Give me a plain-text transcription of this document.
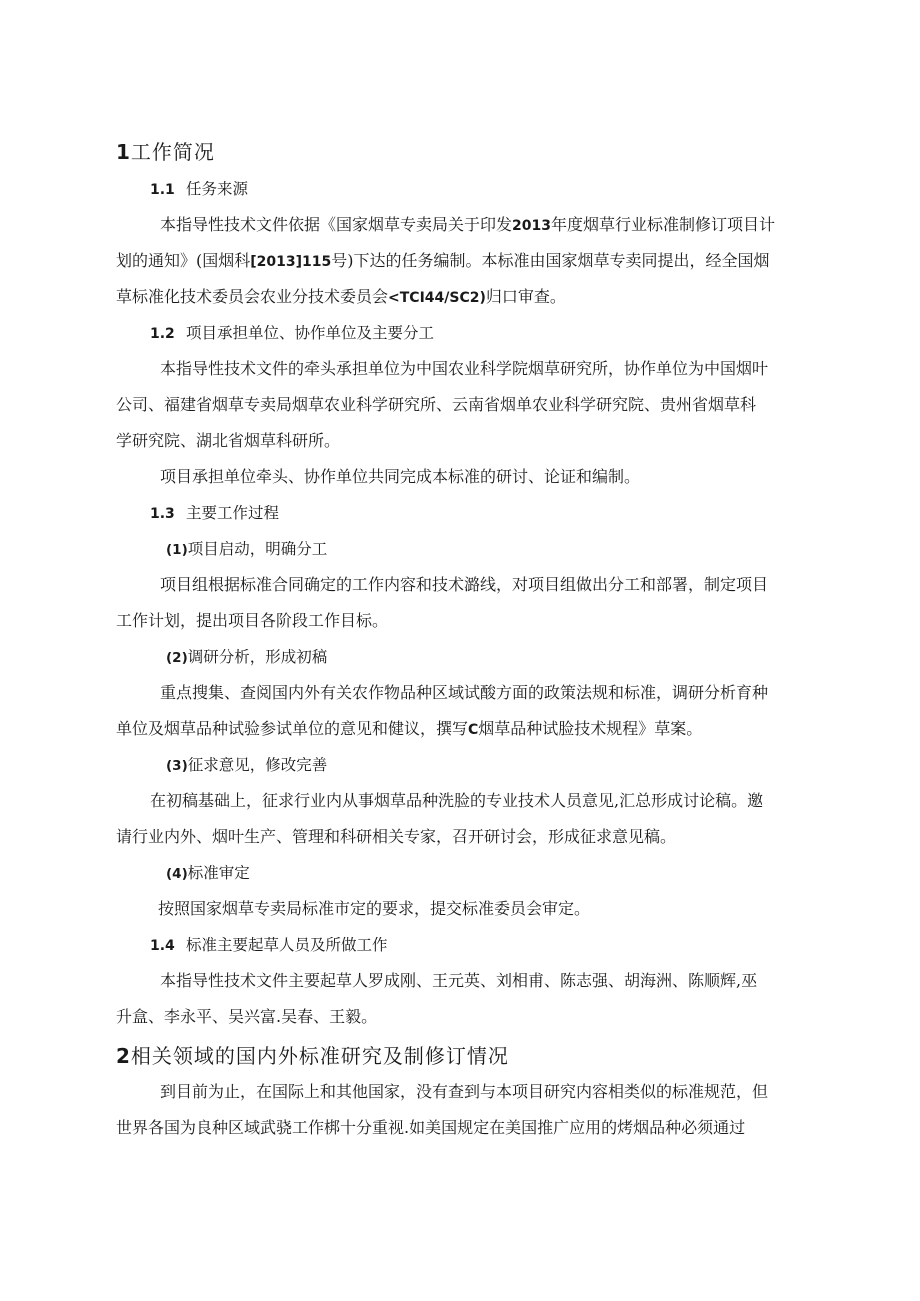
1工作简况
1.1 任务来源
本指导性技术文件依据《国家烟草专卖局关于印发2013年度烟草行业标准制修订项目计
划的通知》(国烟科[2013]115号)下达的任务编制。本标准由国家烟草专卖同提出，经全国烟
草标准化技术委员会农业分技术委员会<TCI44/SC2)归口审查。
1.2 项目承担单位、协作单位及主要分工
本指导性技术文件的牵头承担单位为中国农业科学院烟草研究所，协作单位为中国烟叶
公司、福建省烟草专卖局烟草农业科学研究所、云南省烟单农业科学研究院、贵州省烟草科
学研究院、湖北省烟草科研所。
项目承担单位牵头、协作单位共同完成本标准的研讨、论证和编制。
1.3 主要工作过程
(1)项目启动，明确分工
项目组根据标准合同确定的工作内容和技术潞线，对项目组做出分工和部署，制定项目
工作计划，提出项目各阶段工作目标。
(2)调研分析，形成初稿
重点搜集、查阅国内外有关农作物品种区域试酸方面的政策法规和标准，调研分析育种
单位及烟草品种试验参试单位的意见和健议，撰写C烟草品种试脸技术规程》草案。
(3)征求意见，修改完善
在初稿基础上，征求行业内从事烟草品种洗脸的专业技术人员意见,汇总形成讨论稿。邀
请行业内外、烟叶生产、管理和科研相关专家，召开研讨会，形成征求意见稿。
(4)标准审定
按照国家烟草专卖局标准市定的要求，提交标准委员会审定。
1.4 标准主要起草人员及所做工作
本指导性技术文件主要起草人罗成刚、王元英、刘相甫、陈志强、胡海洲、陈顺辉,巫
升盒、李永平、吴兴富.吴春、王毅。
2相关领域的国内外标准研究及制修订情况
到目前为止，在国际上和其他国家，没有查到与本项目研究内容相类似的标准规范，但
世界各国为良种区域武骁工作梆十分重视.如美国规定在美国推广应用的烤烟品种必须通过
